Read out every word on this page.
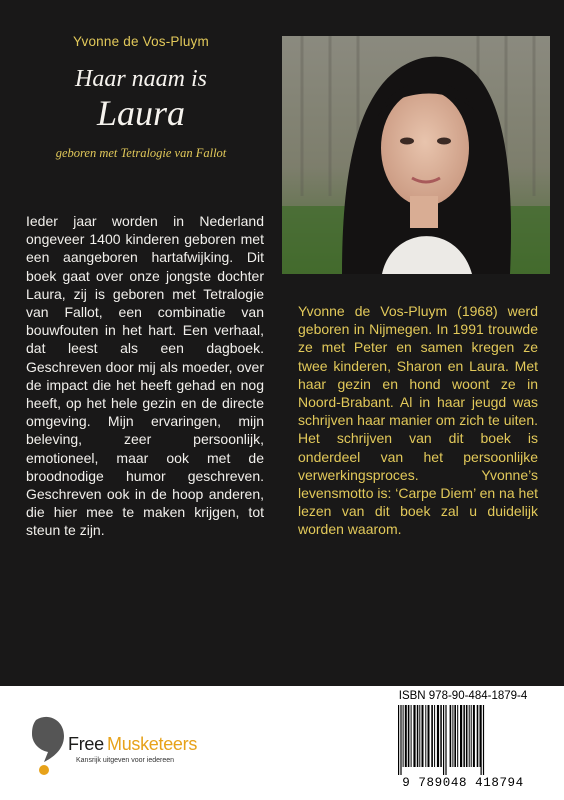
Yvonne de Vos-Pluym
Haar naam is
Laura
geboren met Tetralogie van Fallot

Ieder jaar worden in Nederland ongeveer 1400 kinderen geboren met een aangeboren hartafwijking. Dit boek gaat over onze jongste dochter Laura, zij is geboren met Tetralogie van Fallot, een combinatie van bouwfouten in het hart. Een verhaal, dat leest als een dagboek. Geschreven door mij als moeder, over de impact die het heeft gehad en nog heeft, op het hele gezin en de directe omgeving. Mijn ervaringen, mijn beleving, zeer persoonlijk, emotioneel, maar ook met de broodnodige humor geschreven. Geschreven ook in de hoop anderen, die hier mee te maken krijgen, tot steun te zijn.

Yvonne de Vos-Pluym (1968) werd geboren in Nijmegen. In 1991 trouwde ze met Peter en samen kregen ze twee kinderen, Sharon en Laura. Met haar gezin en hond woont ze in Noord-Brabant. Al in haar jeugd was schrijven haar manier om zich te uiten. Het schrijven van dit boek is onderdeel van het persoonlijke verwerkingsproces. Yvonne’s levensmotto is: ‘Carpe Diem’ en na het lezen van dit boek zal u duidelijk worden waarom.

Free Musketeers
Kansrijk uitgeven voor iedereen
ISBN 978-90-484-1879-4
9 789048 418794
